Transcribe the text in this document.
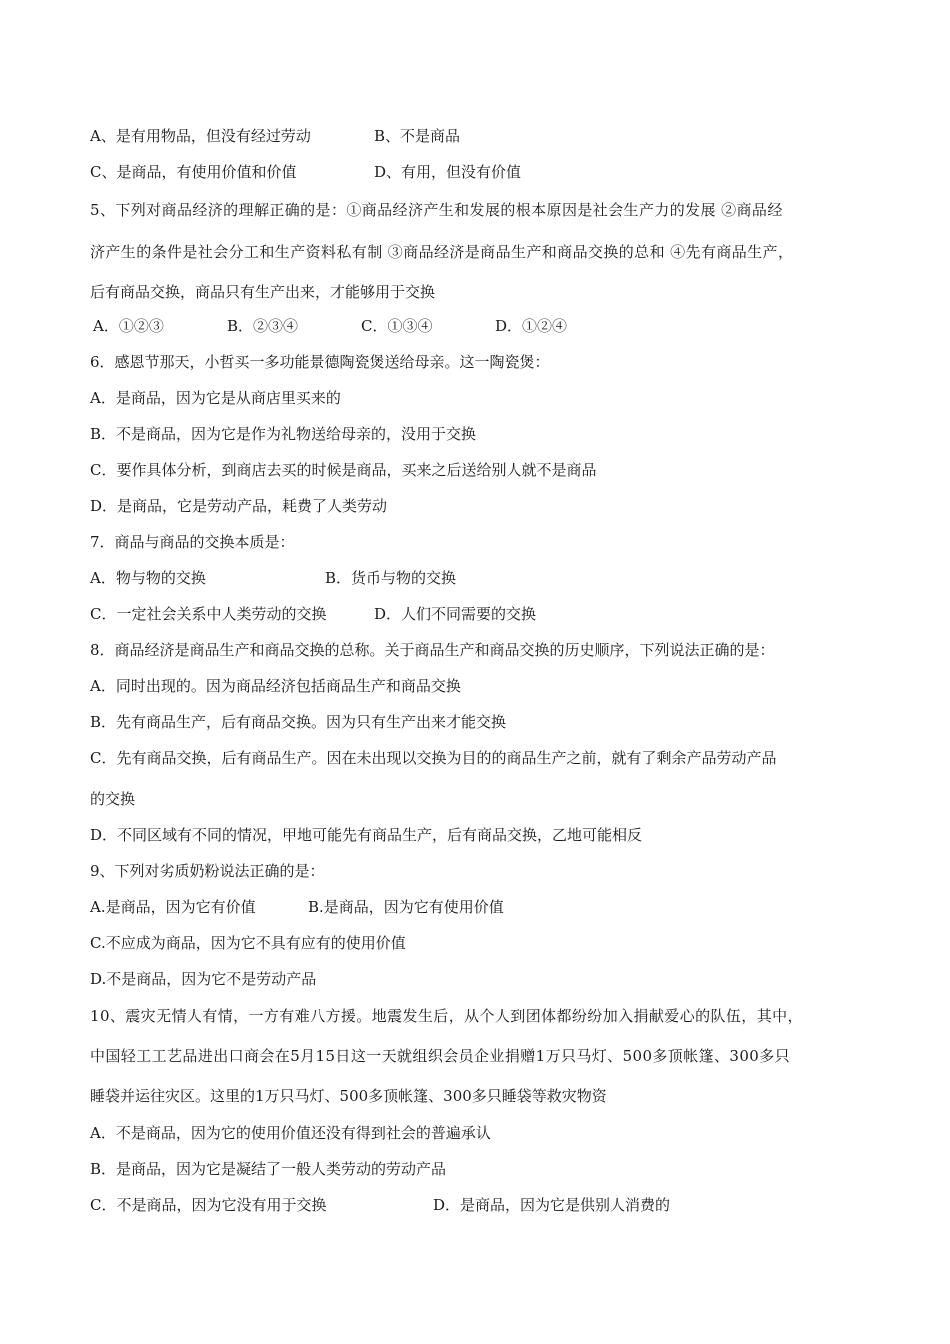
A、是有用物品，但没有经过劳动	B、不是商品
C、是商品，有使用价值和价值	D、有用，但没有价值
5、下列对商品经济的理解正确的是：①商品经济产生和发展的根本原因是社会生产力的发展 ②商品经
济产生的条件是社会分工和生产资料私有制 ③商品经济是商品生产和商品交换的总和 ④先有商品生产，
后有商品交换，商品只有生产出来，才能够用于交换
A．①②③	B．②③④	C．①③④	D．①②④
6．感恩节那天，小哲买一多功能景德陶瓷煲送给母亲。这一陶瓷煲：
A．是商品，因为它是从商店里买来的
B．不是商品，因为它是作为礼物送给母亲的，没用于交换
C．要作具体分析，到商店去买的时候是商品，买来之后送给别人就不是商品
D．是商品，它是劳动产品，耗费了人类劳动
7．商品与商品的交换本质是：
A．物与物的交换	B．货币与物的交换
C．一定社会关系中人类劳动的交换	D．人们不同需要的交换
8．商品经济是商品生产和商品交换的总称。关于商品生产和商品交换的历史顺序，下列说法正确的是：
A．同时出现的。因为商品经济包括商品生产和商品交换
B．先有商品生产，后有商品交换。因为只有生产出来才能交换
C．先有商品交换，后有商品生产。因在未出现以交换为目的的商品生产之前，就有了剩余产品劳动产品
的交换
D．不同区域有不同的情况，甲地可能先有商品生产，后有商品交换，乙地可能相反
9、下列对劣质奶粉说法正确的是：
A.是商品，因为它有价值	B.是商品，因为它有使用价值
C.不应成为商品，因为它不具有应有的使用价值
D.不是商品，因为它不是劳动产品
10、震灾无情人有情，一方有难八方援。地震发生后，从个人到团体都纷纷加入捐献爱心的队伍，其中，
中国轻工工艺品进出口商会在5月15日这一天就组织会员企业捐赠1万只马灯、500多顶帐篷、300多只
睡袋并运往灾区。这里的1万只马灯、500多顶帐篷、300多只睡袋等救灾物资
A．不是商品，因为它的使用价值还没有得到社会的普遍承认
B．是商品，因为它是凝结了一般人类劳动的劳动产品
C．不是商品，因为它没有用于交换	D．是商品，因为它是供别人消费的
